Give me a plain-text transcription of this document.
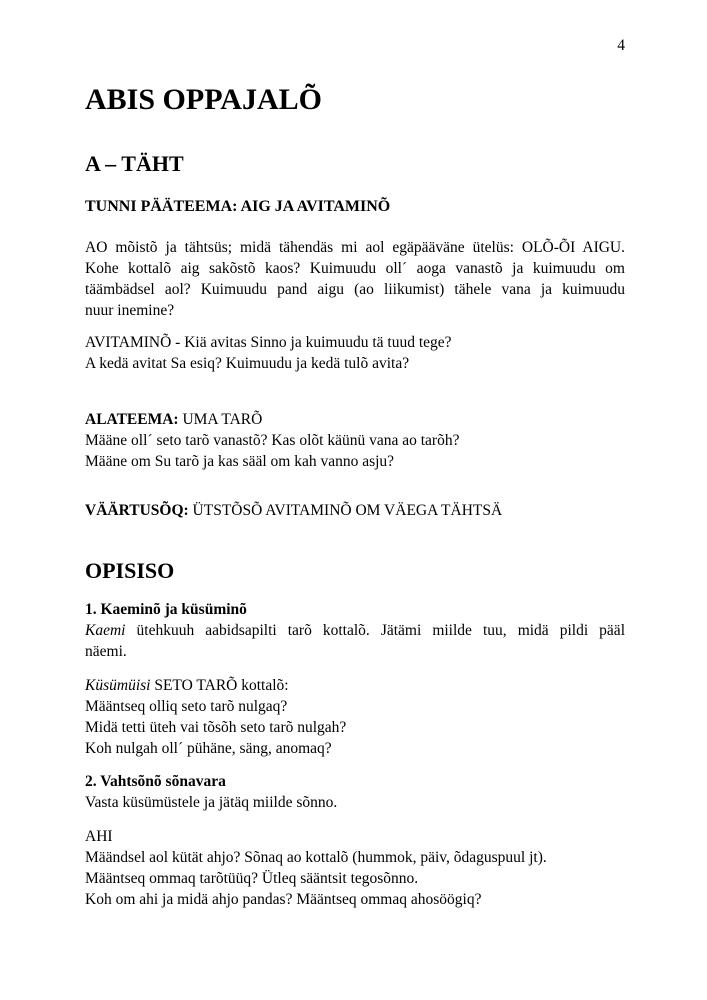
4
ABIS OPPAJALÕ
A – TÄHT
TUNNI PÄÄTEEMA: AIG JA AVITAMINÕ
AO mõistõ ja tähtsüs; midä tähendäs mi aol egäpääväne ütelüs: OLÕ-ÕI AIGU.
Kohe kottalõ aig sakõstõ kaos? Kuimuudu oll´ aoga vanastõ ja kuimuudu om
täämbädsel aol? Kuimuudu pand aigu (ao liikumist) tähele vana ja kuimuudu
nuur inemine?
AVITAMINÕ - Kiä avitas Sinno ja kuimuudu tä tuud tege?
A kedä avitat Sa esiq? Kuimuudu ja kedä tulõ avita?
ALATEEMA: UMA TARÕ
Määne oll´ seto tarõ vanastõ? Kas olõt käünü vana ao tarõh?
Määne om Su tarõ ja kas sääl om kah vanno asju?
VÄÄRTUSÕQ: ÜTSTÕSÕ AVITAMINÕ OM VÄEGA TÄHTSÄ
OPISISO
1. Kaeminõ ja küsüminõ
Kaemi ütehkuuh aabidsapilti tarõ kottalõ. Jätämi miilde tuu, midä pildi pääl
näemi.
Küsümüisi SETO TARÕ kottalõ:
Määntseq olliq seto tarõ nulgaq?
Midä tetti üteh vai tõsõh seto tarõ nulgah?
Koh nulgah oll´ pühäne, säng, anomaq?
2. Vahtsõnõ sõnavara
Vasta küsümüstele ja jätäq miilde sõnno.
AHI
Määndsel aol kütät ahjo? Sõnaq ao kottalõ (hummok, päiv, õdaguspuul jt).
Määntseq ommaq tarõtüüq? Ütleq sääntsit tegosõnno.
Koh om ahi ja midä ahjo pandas? Määntseq ommaq ahosöögiq?
